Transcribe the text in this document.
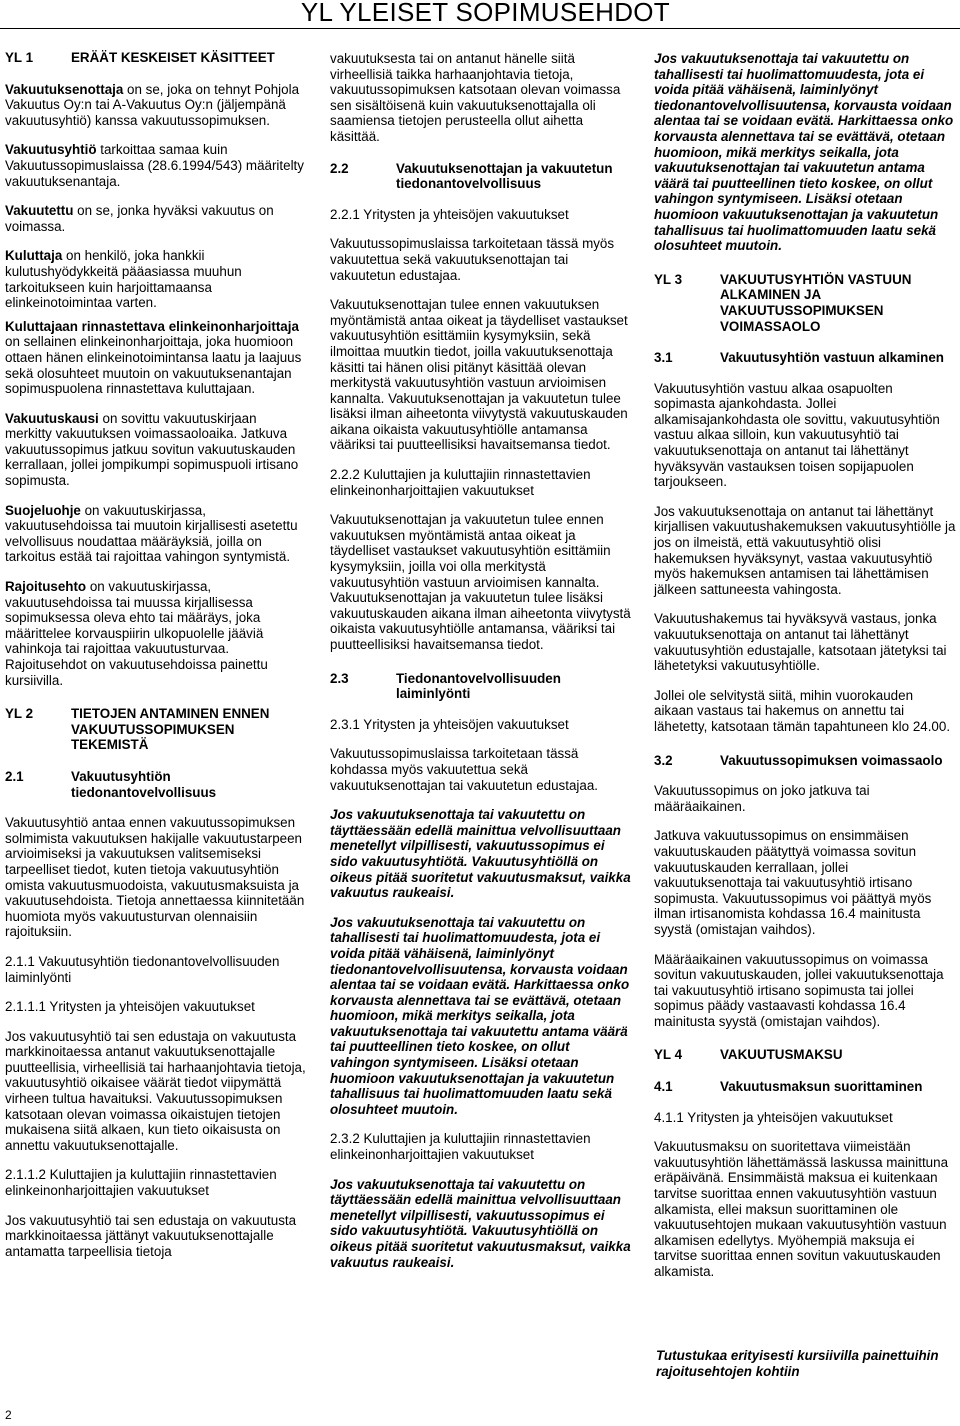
YL YLEISET SOPIMUSEHDOT
YL 1	ERÄÄT KESKEISET KÄSITTEET

Vakuutuksenottaja on se, joka on tehnyt Pohjola Vakuutus Oy:n tai A-Vakuutus Oy:n (jäljempänä vakuutusyhtiö) kanssa vakuutussopimuksen.

Vakuutusyhtiö tarkoittaa samaa kuin Vakuutussopimuslaissa (28.6.1994/543) määritelty vakuutuksenantaja.

Vakuutettu on se, jonka hyväksi vakuutus on voimassa.

Kuluttaja on henkilö, joka hankkii kulutushyödykkeitä pääasiassa muuhun tarkoitukseen kuin harjoittamaansa elinkeinotoimintaa varten.

Kuluttajaan rinnastettava elinkeinonharjoittaja on sellainen elinkeinonharjoittaja, joka huomioon ottaen hänen elinkeinotoimintansa laatu ja laajuus sekä olosuhteet muutoin on vakuutuksenantajan sopimuspuolena rinnastettava kuluttajaan.

Vakuutuskausi on sovittu vakuutuskirjaan merkitty vakuutuksen voimassaoloaika. Jatkuva vakuutussopimus jatkuu sovitun vakuutuskauden kerrallaan, jollei jompikumpi sopimuspuoli irtisano sopimusta.

Suojeluohje on vakuutuskirjassa, vakuutusehdoissa tai muutoin kirjallisesti asetettu velvollisuus noudattaa määräyksiä, joilla on tarkoitus estää tai rajoittaa vahingon syntymistä.

Rajoitusehto on vakuutuskirjassa, vakuutusehdoissa tai muussa kirjallisessa sopimuksessa oleva ehto tai määräys, joka määrittelee korvauspiirin ulkopuolelle jääviä vahinkoja tai rajoittaa vakuutusturvaa. Rajoitusehdot on vakuutusehdoissa painettu kursiivilla.

YL 2	TIETOJEN ANTAMINEN ENNEN VAKUUTUSSOPIMUKSEN TEKEMISTÄ
2.1	Vakuutusyhtiön tiedonantovelvollisuus

Vakuutusyhtiö antaa ennen vakuutussopimuksen solmimista vakuutuksen hakijalle vakuutustarpeen arvioimiseksi ja vakuutuksen valitsemiseksi tarpeelliset tiedot, kuten tietoja vakuutusyhtiön omista vakuutusmuodoista, vakuutusmaksuista ja vakuutusehdoista. Tietoja annettaessa kiinnitetään huomiota myös vakuutusturvan olennaisiin rajoituksiin.

2.1.1 Vakuutusyhtiön tiedonantovelvollisuuden laiminlyönti

2.1.1.1 Yritysten ja yhteisöjen vakuutukset

Jos vakuutusyhtiö tai sen edustaja on vakuutusta markkinoitaessa antanut vakuutuksenottajalle puutteellisia, virheellisiä tai harhaanjohtavia tietoja, vakuutusyhtiö oikaisee väärät tiedot viipymättä virheen tultua havaituksi. Vakuutussopimuksen katsotaan olevan voimassa oikaistujen tietojen mukaisena siitä alkaen, kun tieto oikaisusta on annettu vakuutuksenottajalle.

2.1.1.2 Kuluttajien ja kuluttajiin rinnastettavien elinkeinonharjoittajien vakuutukset

Jos vakuutusyhtiö tai sen edustaja on vakuutusta markkinoitaessa jättänyt vakuutuksenottajalle antamatta tarpeellisia tietoja

vakuutuksesta tai on antanut hänelle siitä virheellisiä taikka harhaanjohtavia tietoja, vakuutussopimuksen katsotaan olevan voimassa sen sisältöisenä kuin vakuutuksenottajalla oli saamiensa tietojen perusteella ollut aihetta käsittää.

2.2	Vakuutuksenottajan ja vakuutetun tiedonantovelvollisuus

2.2.1 Yritysten ja yhteisöjen vakuutukset

Vakuutussopimuslaissa tarkoitetaan tässä myös vakuutettua sekä vakuutuksenottajan tai vakuutetun edustajaa.

Vakuutuksenottajan tulee ennen vakuutuksen myöntämistä antaa oikeat ja täydelliset vastaukset vakuutusyhtiön esittämiin kysymyksiin, sekä ilmoittaa muutkin tiedot, joilla vakuutuksenottaja käsitti tai hänen olisi pitänyt käsittää olevan merkitystä vakuutusyhtiön vastuun arvioimisen kannalta. Vakuutuksenottajan ja vakuutetun tulee lisäksi ilman aiheetonta viivytystä vakuutuskauden aikana oikaista vakuutusyhtiölle antamansa vääriksi tai puutteellisiksi havaitsemansa tiedot.

2.2.2 Kuluttajien ja kuluttajiin rinnastettavien elinkeinonharjoittajien vakuutukset

Vakuutuksenottajan ja vakuutetun tulee ennen vakuutuksen myöntämistä antaa oikeat ja täydelliset vastaukset vakuutusyhtiön esittämiin kysymyksiin, joilla voi olla merkitystä vakuutusyhtiön vastuun arvioimisen kannalta. Vakuutuksenottajan ja vakuutetun tulee lisäksi vakuutuskauden aikana ilman aiheetonta viivytystä oikaista vakuutusyhtiölle antamansa, vääriksi tai puutteellisiksi havaitsemansa tiedot.

2.3	Tiedonantovelvollisuuden laiminlyönti

2.3.1 Yritysten ja yhteisöjen vakuutukset

Vakuutussopimuslaissa tarkoitetaan tässä kohdassa myös vakuutettua sekä vakuutuksenottajan tai vakuutetun edustajaa.

Jos vakuutuksenottaja tai vakuutettu on täyttäessään edellä mainittua velvollisuuttaan menetellyt vilpillisesti, vakuutussopimus ei sido vakuutusyhtiötä. Vakuutusyhtiöllä on oikeus pitää suoritetut vakuutusmaksut, vaikka vakuutus raukeaisi.

Jos vakuutuksenottaja tai vakuutettu on tahallisesti tai huolimattomuudesta, jota ei voida pitää vähäisenä, laiminlyönyt tiedonantovelvollisuutensa, korvausta voidaan alentaa tai se voidaan evätä. Harkittaessa onko korvausta alennettava tai se evättävä, otetaan huomioon, mikä merkitys seikalla, jota vakuutuksenottaja tai vakuutettu antama väärä tai puutteellinen tieto koskee, on ollut vahingon syntymiseen. Lisäksi otetaan huomioon vakuutuksenottajan ja vakuutetun tahallisuus tai huolimattomuuden laatu sekä olosuhteet muutoin.

2.3.2 Kuluttajien ja kuluttajiin rinnastettavien elinkeinonharjoittajien vakuutukset

Jos vakuutuksenottaja tai vakuutettu on täyttäessään edellä mainittua velvollisuuttaan menetellyt vilpillisesti, vakuutussopimus ei sido vakuutusyhtiötä. Vakuutusyhtiöllä on oikeus pitää suoritetut vakuutusmaksut, vaikka vakuutus raukeaisi.

Jos vakuutuksenottaja tai vakuutettu on tahallisesti tai huolimattomuudesta, jota ei voida pitää vähäisenä, laiminlyönyt tiedonantovelvollisuutensa, korvausta voidaan alentaa tai se voidaan evätä. Harkittaessa onko korvausta alennettava tai se evättävä, otetaan huomioon, mikä merkitys seikalla, jota vakuutuksenottajan tai vakuutetun antama väärä tai puutteellinen tieto koskee, on ollut vahingon syntymiseen. Lisäksi otetaan huomioon vakuutuksenottajan ja vakuutetun tahallisuus tai huolimattomuuden laatu sekä olosuhteet muutoin.

YL 3	VAKUUTUSYHTIÖN VASTUUN ALKAMINEN JA VAKUUTUSSOPIMUKSEN VOIMASSAOLO
3.1	Vakuutusyhtiön vastuun alkaminen

Vakuutusyhtiön vastuu alkaa osapuolten sopimasta ajankohdasta. Jollei alkamisajankohdasta ole sovittu, vakuutusyhtiön vastuu alkaa silloin, kun vakuutusyhtiö tai vakuutuksenottaja on antanut tai lähettänyt hyväksyvän vastauksen toisen sopijapuolen tarjoukseen.

Jos vakuutuksenottaja on antanut tai lähettänyt kirjallisen vakuutushakemuksen vakuutusyhtiölle ja jos on ilmeistä, että vakuutusyhtiö olisi hakemuksen hyväksynyt, vastaa vakuutusyhtiö myös hakemuksen antamisen tai lähettämisen jälkeen sattuneesta vahingosta.

Vakuutushakemus tai hyväksyvä vastaus, jonka vakuutuksenottaja on antanut tai lähettänyt vakuutusyhtiön edustajalle, katsotaan jätetyksi tai lähetetyksi vakuutusyhtiölle.

Jollei ole selvitystä siitä, mihin vuorokauden aikaan vastaus tai hakemus on annettu tai lähetetty, katsotaan tämän tapahtuneen klo 24.00.

3.2	Vakuutussopimuksen voimassaolo

Vakuutussopimus on joko jatkuva tai määräaikainen.

Jatkuva vakuutussopimus on ensimmäisen vakuutuskauden päätyttyä voimassa sovitun vakuutuskauden kerrallaan, jollei vakuutuksenottaja tai vakuutusyhtiö irtisano sopimusta. Vakuutussopimus voi päättyä myös ilman irtisanomista kohdassa 16.4 mainitusta syystä (omistajan vaihdos).

Määräaikainen vakuutussopimus on voimassa sovitun vakuutuskauden, jollei vakuutuksenottaja tai vakuutusyhtiö irtisano sopimusta tai jollei sopimus päädy vastaavasti kohdassa 16.4 mainitusta syystä (omistajan vaihdos).

YL 4	VAKUUTUSMAKSU
4.1	Vakuutusmaksun suorittaminen

4.1.1 Yritysten ja yhteisöjen vakuutukset

Vakuutusmaksu on suoritettava viimeistään vakuutusyhtiön lähettämässä laskussa mainittuna eräpäivänä. Ensimmäistä maksua ei kuitenkaan tarvitse suorittaa ennen vakuutusyhtiön vastuun alkamista, ellei maksun suorittaminen ole vakuutusehtojen mukaan vakuutusyhtiön vastuun alkamisen edellytys. Myöhempiä maksuja ei tarvitse suorittaa ennen sovitun vakuutuskauden alkamista.

Tutustukaa erityisesti kursiivilla painettuihin rajoitusehtojen kohtiin
2
